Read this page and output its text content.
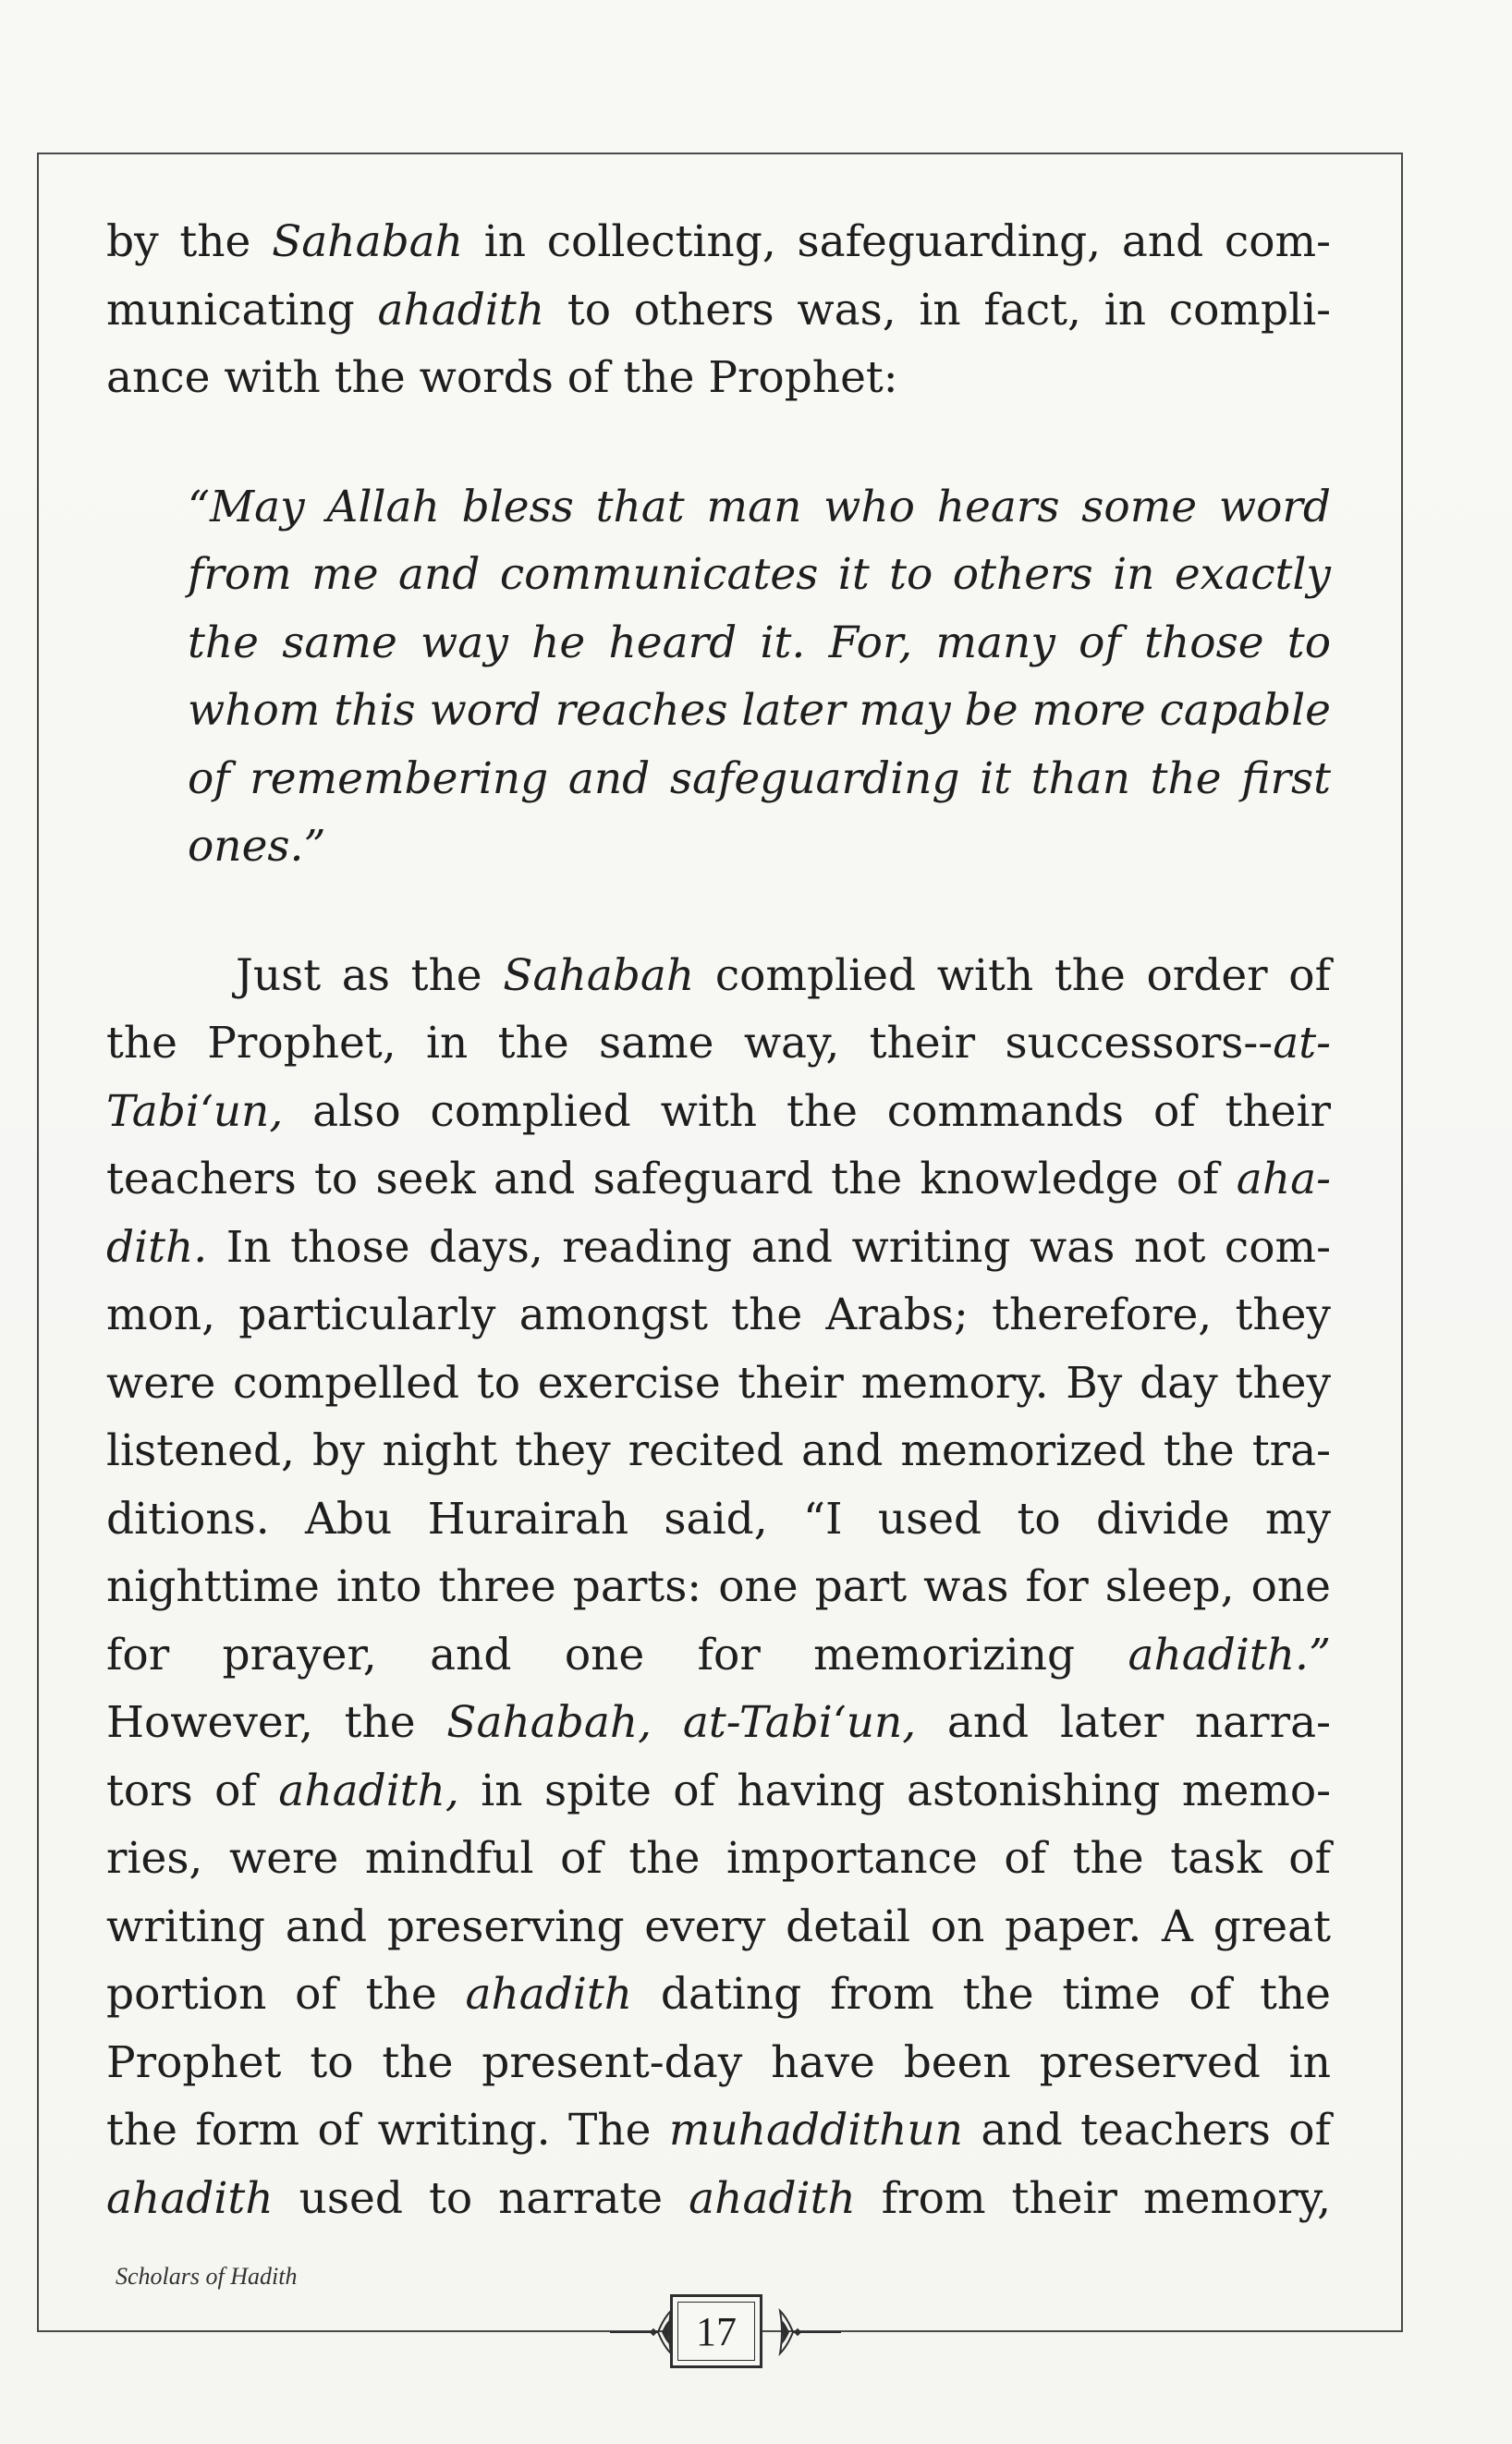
by the Sahabah in collecting, safeguarding, and com-
municating ahadith to others was, in fact, in compli-
ance with the words of the Prophet:
“May Allah bless that man who hears some word
from me and communicates it to others in exactly
the same way he heard it. For, many of those to
whom this word reaches later may be more capable
of remembering and safeguarding it than the first
ones.”
Just as the Sahabah complied with the order of
the Prophet, in the same way, their successors--at-
Tabi‘un, also complied with the commands of their
teachers to seek and safeguard the knowledge of aha-
dith. In those days, reading and writing was not com-
mon, particularly amongst the Arabs; therefore, they
were compelled to exercise their memory. By day they
listened, by night they recited and memorized the tra-
ditions. Abu Hurairah said, “I used to divide my
nighttime into three parts: one part was for sleep, one
for prayer, and one for memorizing ahadith.”
However, the Sahabah, at-Tabi‘un, and later narra-
tors of ahadith, in spite of having astonishing memo-
ries, were mindful of the importance of the task of
writing and preserving every detail on paper. A great
portion of the ahadith dating from the time of the
Prophet to the present-day have been preserved in
the form of writing. The muhaddithun and teachers of
ahadith used to narrate ahadith from their memory,
Scholars of Hadith
17
